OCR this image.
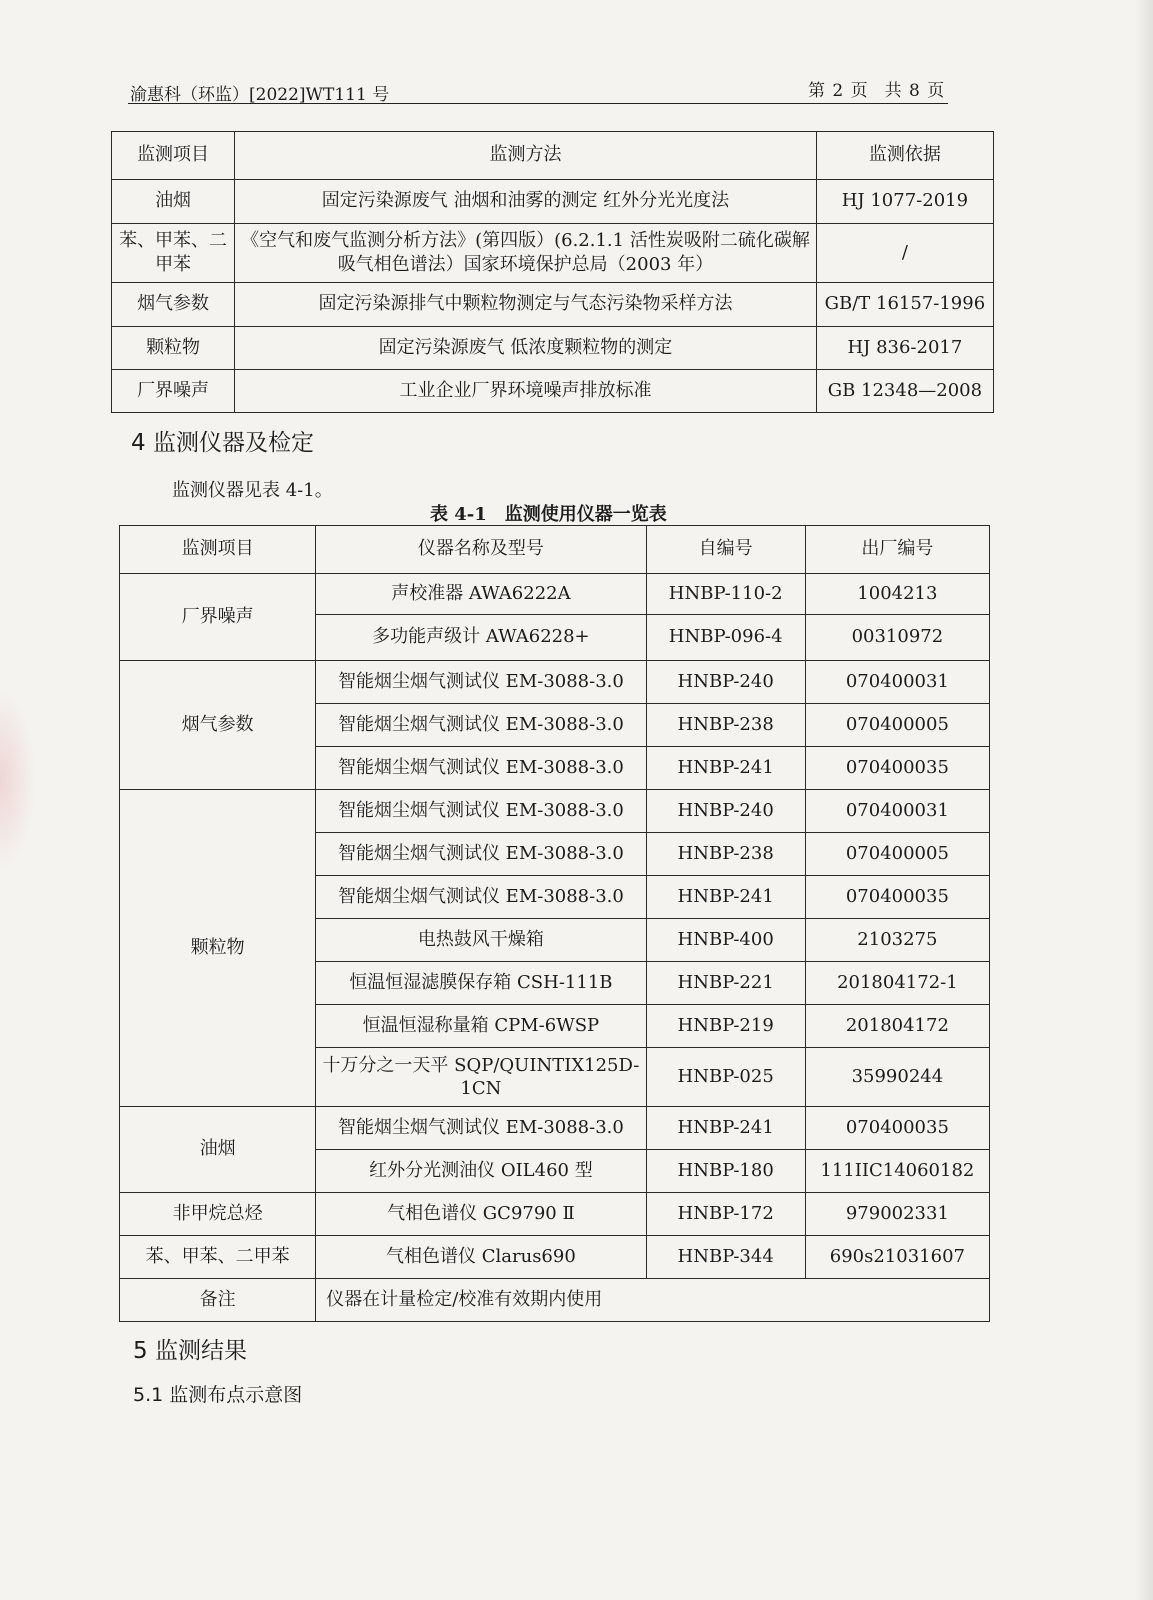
渝惠科（环监）[2022]WT111 号	第 2 页　共 8 页
监测项目	监测方法	监测依据
油烟	固定污染源废气 油烟和油雾的测定 红外分光光度法	HJ 1077-2019
苯、甲苯、二甲苯	《空气和废气监测分析方法》(第四版）(6.2.1.1 活性炭吸附二硫化碳解吸气相色谱法）国家环境保护总局（2003 年）	/
烟气参数	固定污染源排气中颗粒物测定与气态污染物采样方法	GB/T 16157-1996
颗粒物	固定污染源废气 低浓度颗粒物的测定	HJ 836-2017
厂界噪声	工业企业厂界环境噪声排放标准	GB 12348—2008
4 监测仪器及检定
监测仪器见表 4-1。
表 4-1　监测使用仪器一览表
监测项目	仪器名称及型号	自编号	出厂编号
厂界噪声	声校准器 AWA6222A	HNBP-110-2	1004213
	多功能声级计 AWA6228+	HNBP-096-4	00310972
烟气参数	智能烟尘烟气测试仪 EM-3088-3.0	HNBP-240	070400031
	智能烟尘烟气测试仪 EM-3088-3.0	HNBP-238	070400005
	智能烟尘烟气测试仪 EM-3088-3.0	HNBP-241	070400035
颗粒物	智能烟尘烟气测试仪 EM-3088-3.0	HNBP-240	070400031
	智能烟尘烟气测试仪 EM-3088-3.0	HNBP-238	070400005
	智能烟尘烟气测试仪 EM-3088-3.0	HNBP-241	070400035
	电热鼓风干燥箱	HNBP-400	2103275
	恒温恒湿滤膜保存箱 CSH-111B	HNBP-221	201804172-1
	恒温恒湿称量箱 CPM-6WSP	HNBP-219	201804172
	十万分之一天平 SQP/QUINTIX125D-1CN	HNBP-025	35990244
油烟	智能烟尘烟气测试仪 EM-3088-3.0	HNBP-241	070400035
	红外分光测油仪 OIL460 型	HNBP-180	111IIC14060182
非甲烷总烃	气相色谱仪 GC9790 Ⅱ	HNBP-172	979002331
苯、甲苯、二甲苯	气相色谱仪 Clarus690	HNBP-344	690s21031607
备注	仪器在计量检定/校准有效期内使用		
5 监测结果
5.1 监测布点示意图
